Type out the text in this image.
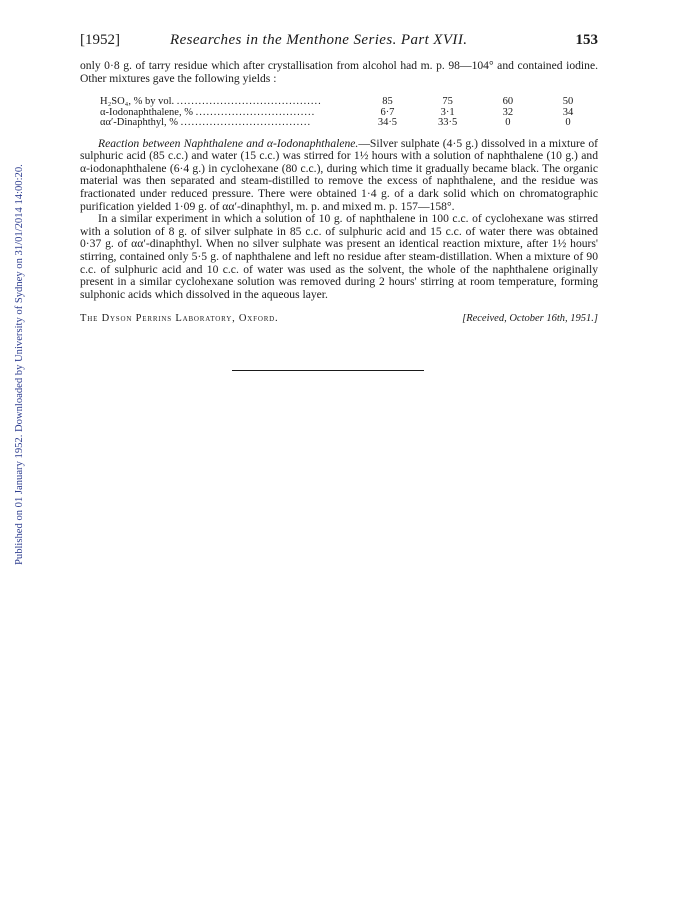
Published on 01 January 1952. Downloaded by University of Sydney on 31/01/2014 14:00:20.
[1952]	Researches in the Menthone Series. Part XVII.	153

only 0·8 g. of tarry residue which after crystallisation from alcohol had m. p. 98—104° and contained iodine. Other mixtures gave the following yields :

H₂SO₄, % by vol. ........................................	85	75	60	50
α-Iodonaphthalene, % .................................	6·7	3·1	32	34
αα′-Dinaphthyl, % ....................................	34·5	33·5	0	0

Reaction between Naphthalene and α-Iodonaphthalene.—Silver sulphate (4·5 g.) dissolved in a mixture of sulphuric acid (85 c.c.) and water (15 c.c.) was stirred for 1½ hours with a solution of naphthalene (10 g.) and α-iodonaphthalene (6·4 g.) in cyclohexane (80 c.c.), during which time it gradually became black. The organic material was then separated and steam-distilled to remove the excess of naphthalene, and the residue was fractionated under reduced pressure. There were obtained 1·4 g. of a dark solid which on chromatographic purification yielded 1·09 g. of αα′-dinaphthyl, m. p. and mixed m. p. 157—158°.

In a similar experiment in which a solution of 10 g. of naphthalene in 100 c.c. of cyclohexane was stirred with a solution of 8 g. of silver sulphate in 85 c.c. of sulphuric acid and 15 c.c. of water there was obtained 0·37 g. of αα′-dinaphthyl. When no silver sulphate was present an identical reaction mixture, after 1½ hours' stirring, contained only 5·5 g. of naphthalene and left no residue after steam-distillation. When a mixture of 90 c.c. of sulphuric acid and 10 c.c. of water was used as the solvent, the whole of the naphthalene originally present in a similar cyclohexane solution was removed during 2 hours' stirring at room temperature, forming sulphonic acids which dissolved in the aqueous layer.

The Dyson Perrins Laboratory, Oxford.	[Received, October 16th, 1951.]
